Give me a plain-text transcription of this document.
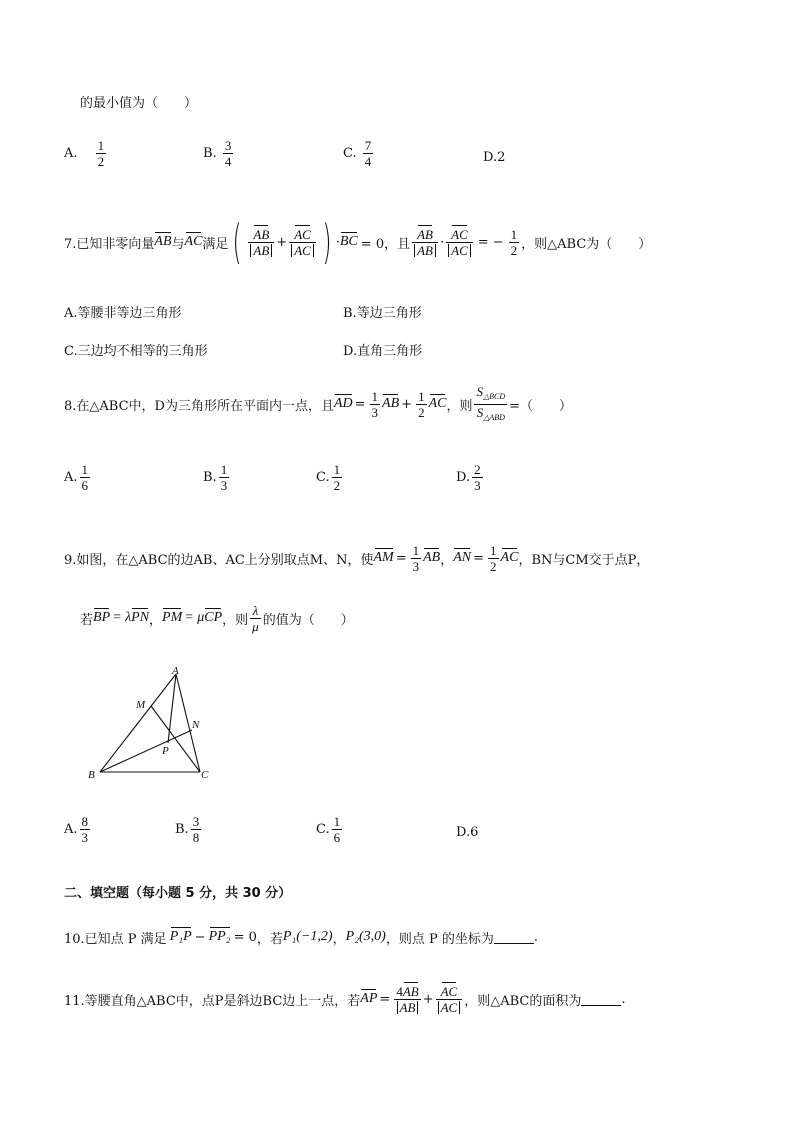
的最小值为（　　）
A. $\frac{1}{2}$	B. $\frac{3}{4}$	C. $\frac{7}{4}$	D.2
7.已知非零向量 AB 与 AC 满足 ( $\frac{AB}{AB} + \frac{AC}{AC}$ ) · BC = 0，且 $\frac{AB}{AB} \cdot \frac{AC}{AC}$ = − $\frac{1}{2}$ ，则△ABC为（　　）
A.等腰非等边三角形	B.等边三角形
C.三边均不相等的三角形	D.直角三角形
8.在△ABC中，D为三角形所在平面内一点，且 AD = $\frac{1}{3}$ AB + $\frac{1}{2}$ AC ，则 $\frac{S_{\triangle BCD}}{S_{\triangle ABD}}$ =（　　）
A. $\frac{1}{6}$	B. $\frac{1}{3}$	C. $\frac{1}{2}$	D. $\frac{2}{3}$
9.如图，在△ABC的边AB、AC上分别取点M、N，使 AM = $\frac{1}{3}$ AB ， AN = $\frac{1}{2}$ AC ，BN与CM交于点P，
若 BP = λ PN ， PM = μ CP ，则 $\frac{\lambda}{\mu}$ 的值为（　　）
A
M
N
P
B	C
A. $\frac{8}{3}$	B. $\frac{3}{8}$	C. $\frac{1}{6}$	D.6
二、填空题（每小题 5 分，共 30 分）
10.已知点 P 满足 P₁P − PP₂ = 0 ，若 P₁(−1,2) ， P₂(3,0) ，则点 P 的坐标为	.
11.等腰直角△ABC中，点P是斜边BC边上一点，若 AP = $\frac{4AB}{AB} + \frac{AC}{AC}$ ，则△ABC的面积为	.
